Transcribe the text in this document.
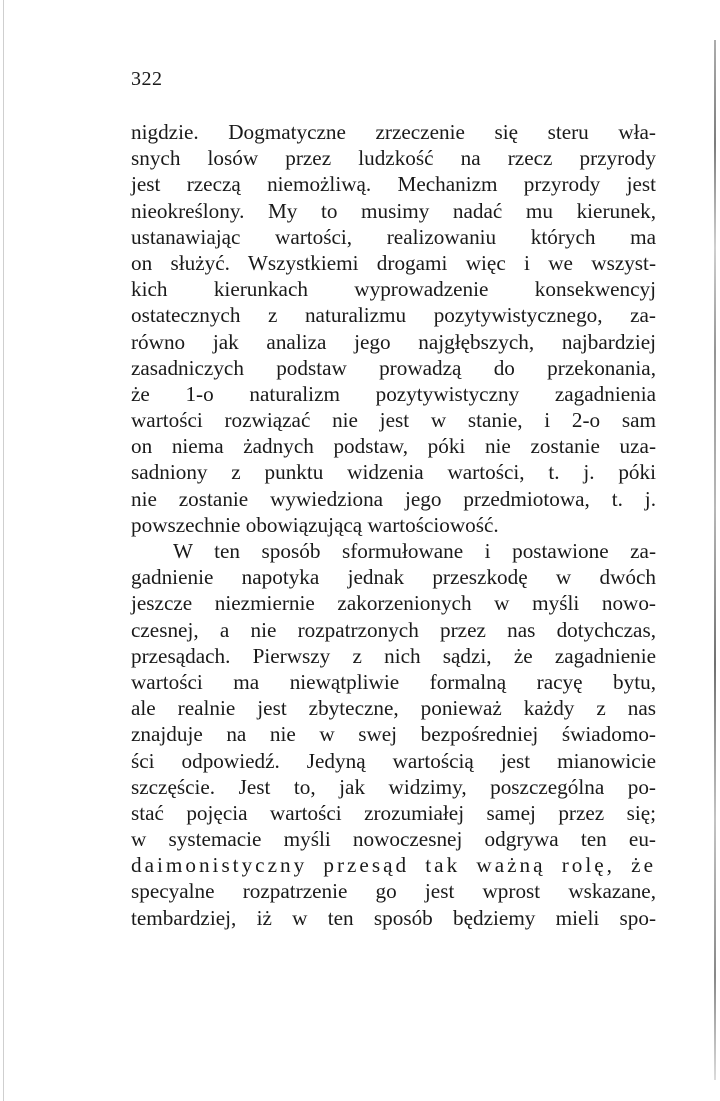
322
nigdzie. Dogmatyczne zrzeczenie się steru wła-
snych losów przez ludzkość na rzecz przyrody
jest rzeczą niemożliwą. Mechanizm przyrody jest
nieokreślony. My to musimy nadać mu kierunek,
ustanawiając wartości, realizowaniu których ma
on służyć. Wszystkiemi drogami więc i we wszyst-
kich kierunkach wyprowadzenie konsekwencyj
ostatecznych z naturalizmu pozytywistycznego, za-
równo jak analiza jego najgłębszych, najbardziej
zasadniczych podstaw prowadzą do przekonania,
że 1-o naturalizm pozytywistyczny zagadnienia
wartości rozwiązać nie jest w stanie, i 2-o sam
on niema żadnych podstaw, póki nie zostanie uza-
sadniony z punktu widzenia wartości, t. j. póki
nie zostanie wywiedziona jego przedmiotowa, t. j.
powszechnie obowiązującą wartościowość.
W ten sposób sformułowane i postawione za-
gadnienie napotyka jednak przeszkodę w dwóch
jeszcze niezmiernie zakorzenionych w myśli nowo-
czesnej, a nie rozpatrzonych przez nas dotychczas,
przesądach. Pierwszy z nich sądzi, że zagadnienie
wartości ma niewątpliwie formalną racyę bytu,
ale realnie jest zbyteczne, ponieważ każdy z nas
znajduje na nie w swej bezpośredniej świadomo-
ści odpowiedź. Jedyną wartością jest mianowicie
szczęście. Jest to, jak widzimy, poszczególna po-
stać pojęcia wartości zrozumiałej samej przez się;
w systemacie myśli nowoczesnej odgrywa ten eu-
daimonistyczny przesąd tak ważną rolę, że
specyalne rozpatrzenie go jest wprost wskazane,
tembardziej, iż w ten sposób będziemy mieli spo-
